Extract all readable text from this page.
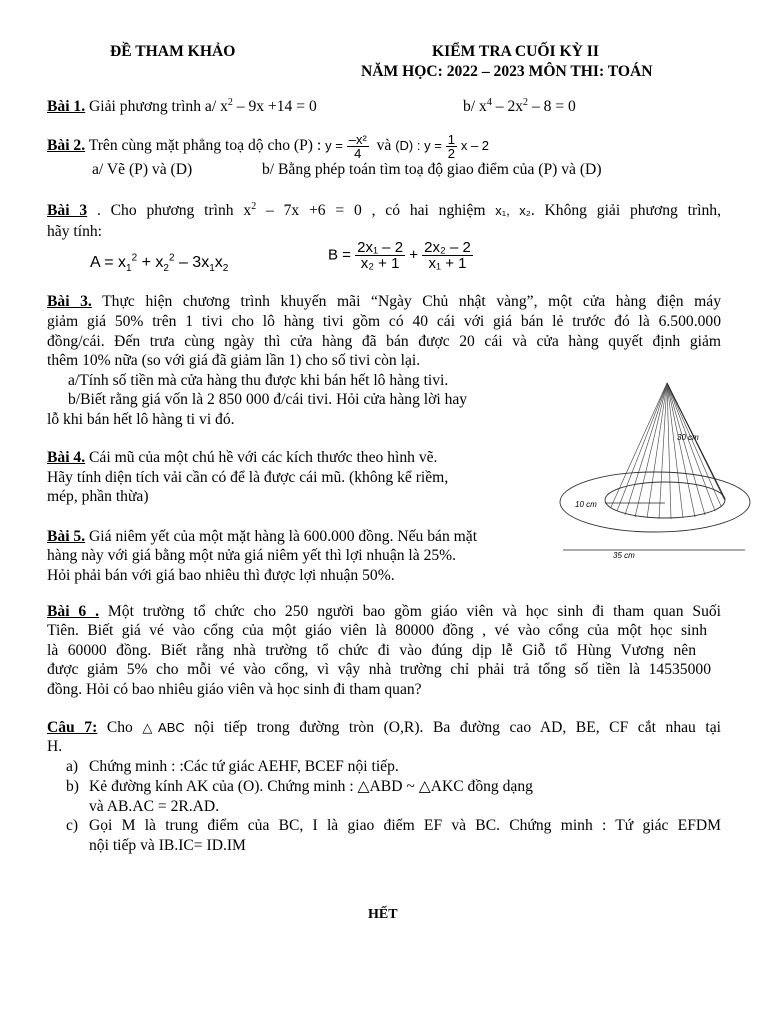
ĐỀ THAM KHẢO	KIỂM TRA CUỐI KỲ II
NĂM HỌC: 2022 – 2023 MÔN THI: TOÁN
Bài 1. Giải phương trình a/ $x^2 - 9x +14 = 0$	b/ $x^4 - 2x^2 - 8 = 0$
Bài 2. Trên cùng mặt phẳng toạ dộ cho (P) : $y = \frac{\text{–x²}}{4}$ và (D) : $y = \frac{1}{2}$ x – 2
a/ Vẽ (P) và (D)	b/ Bằng phép toán tìm toạ độ giao điểm của (P) và (D)
Bài 3 . Cho phương trình $x^2 - 7x +6 = 0$ , có hai nghiệm x₁, x₂. Không giải phương trình,
hãy tính:
$A = x_1^2 + x_2^2 - 3x_1x_2$
$B = \frac{\text{2x₁ – 2}}{\text{x₂ + 1}} + \frac{\text{2x₂ – 2}}{\text{x₁ + 1}}$
Bài 3. Thực hiện chương trình khuyến mãi “Ngày Chủ nhật vàng”, một cửa hàng điện máy
giảm giá 50% trên 1 tivi cho lô hàng tivi gồm có 40 cái với giá bán lẻ trước đó là 6.500.000
đồng/cái. Đến trưa cùng ngày thì cửa hàng đã bán được 20 cái và cửa hàng quyết định giảm
thêm 10% nữa (so với giá đã giảm lần 1) cho số tivi còn lại.
a/Tính số tiền mà cửa hàng thu được khi bán hết lô hàng tivi.
b/Biết rằng giá vốn là 2 850 000 đ/cái tivi. Hỏi cửa hàng lời hay
lỗ khi bán hết lô hàng ti vi đó.
Bài 4. Cái mũ của một chú hề với các kích thước theo hình vẽ.
Hãy tính diện tích vải cần có để là được cái mũ. (không kể riềm,
mép, phần thừa)
Bài 5. Giá niêm yết của một mặt hàng là 600.000 đồng. Nếu bán mặt
hàng này với giá bằng một nửa giá niêm yết thì lợi nhuận là 25%.
Hỏi phải bán với giá bao nhiêu thì được lợi nhuận 50%.
30 cm
10 cm
35 cm
Bài 6 . Một trường tổ chức cho 250 người bao gồm giáo viên và học sinh đi tham quan Suối
Tiên. Biết giá vé vào cổng của một giáo viên là 80000 đồng , vé vào cổng của một học sinh
là 60000 đồng. Biết rằng nhà trường tổ chức đi vào đúng dịp lễ Giỗ tổ Hùng Vương nên
được giảm 5% cho mỗi vé vào cổng, vì vậy nhà trường chỉ phải trả tổng số tiền là 14535000
đồng. Hỏi có bao nhiêu giáo viên và học sinh đi tham quan?
Câu 7: Cho △ABC nội tiếp trong đường tròn (O,R). Ba đường cao AD, BE, CF cắt nhau tại
H.
a) Chứng minh : :Các tứ giác AEHF, BCEF nội tiếp.
b) Kẻ đường kính AK của (O). Chứng minh : △ABD ~ △AKC đồng dạng
và AB.AC = 2R.AD.
c) Gọi M là trung điểm của BC, I là giao điểm EF và BC. Chứng minh : Tứ giác EFDM
nội tiếp và IB.IC= ID.IM
HẾT
